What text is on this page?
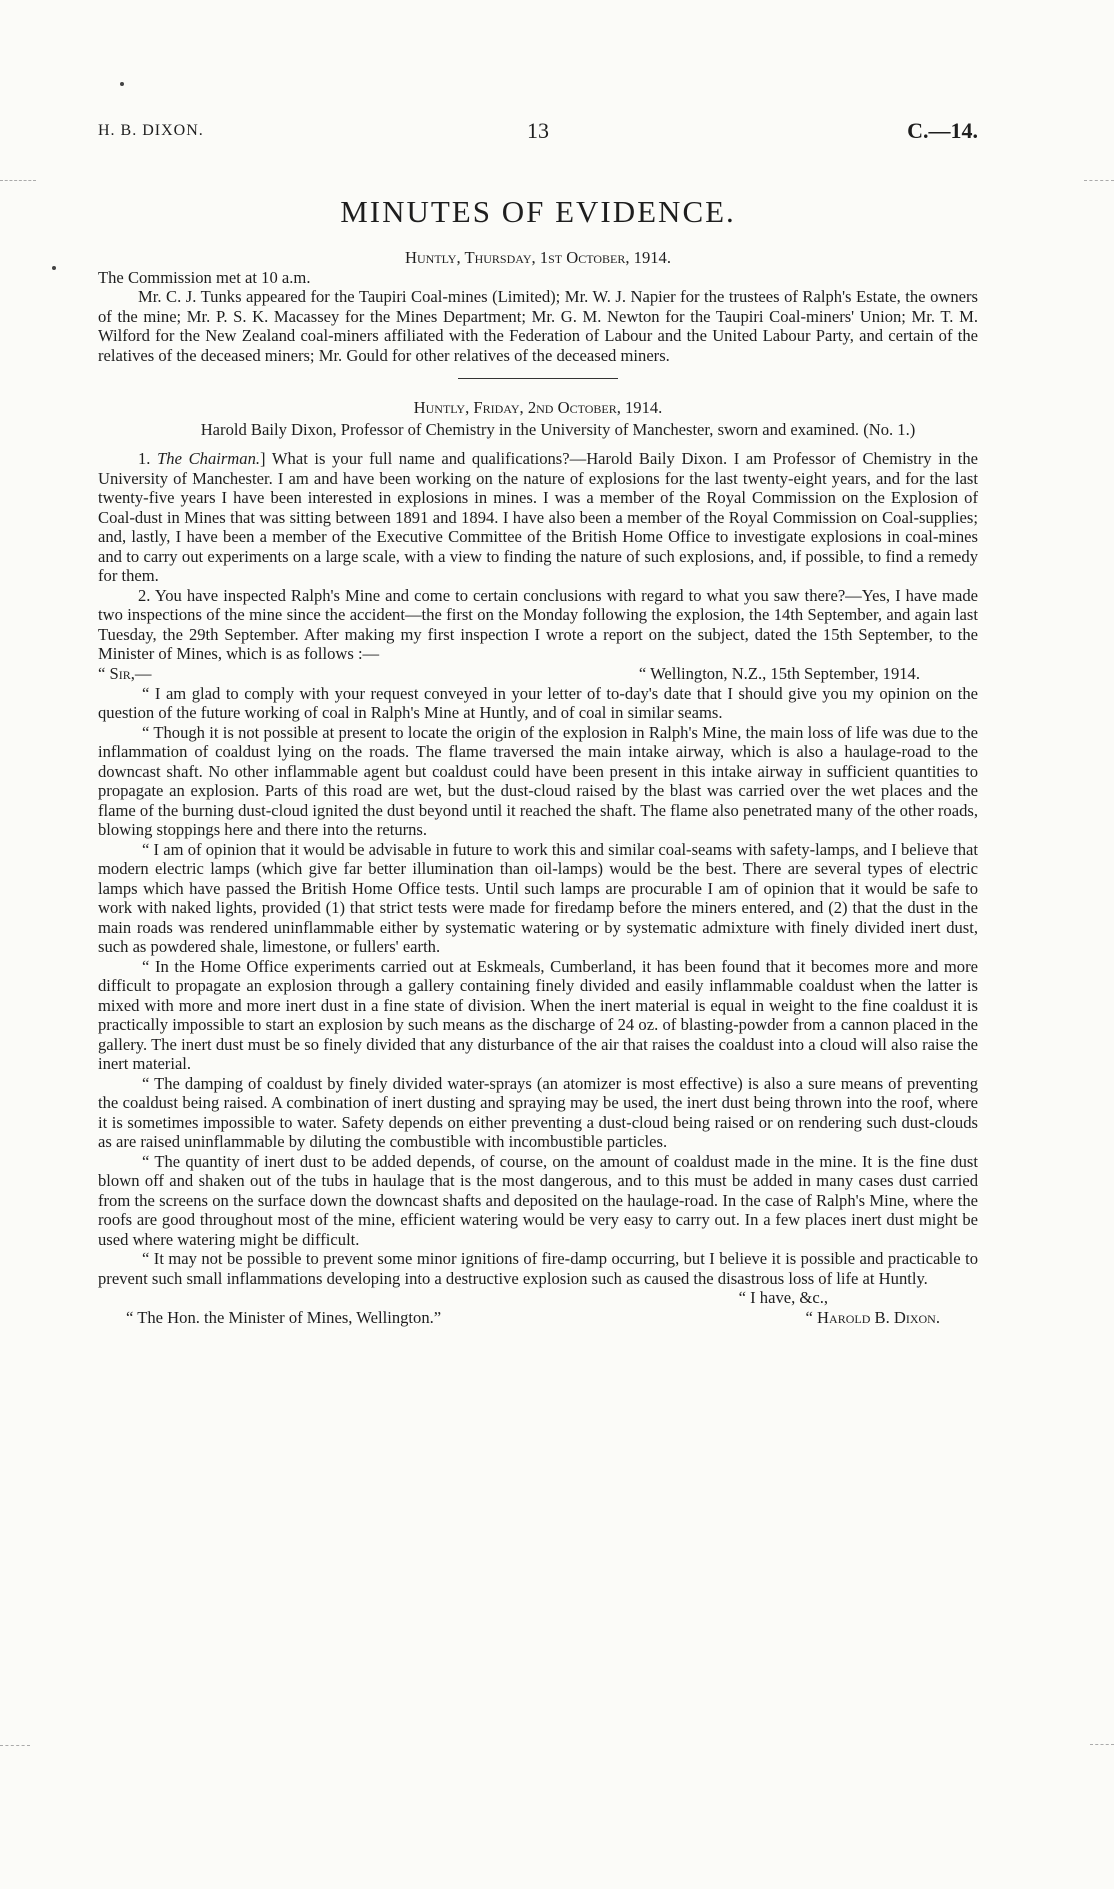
H. B. DIXON.	13	C.—14.
MINUTES OF EVIDENCE.

Huntly, Thursday, 1st October, 1914.

The Commission met at 10 a.m.

Mr. C. J. Tunks appeared for the Taupiri Coal-mines (Limited); Mr. W. J. Napier for the trustees of Ralph's Estate, the owners of the mine; Mr. P. S. K. Macassey for the Mines Department; Mr. G. M. Newton for the Taupiri Coal-miners' Union; Mr. T. M. Wilford for the New Zealand coal-miners affiliated with the Federation of Labour and the United Labour Party, and certain of the relatives of the deceased miners; Mr. Gould for other relatives of the deceased miners.

Huntly, Friday, 2nd October, 1914.

Harold Baily Dixon, Professor of Chemistry in the University of Manchester, sworn and examined. (No. 1.)

1. The Chairman.] What is your full name and qualifications?—Harold Baily Dixon. I am Professor of Chemistry in the University of Manchester. I am and have been working on the nature of explosions for the last twenty-eight years, and for the last twenty-five years I have been interested in explosions in mines. I was a member of the Royal Commission on the Explosion of Coal-dust in Mines that was sitting between 1891 and 1894. I have also been a member of the Royal Commission on Coal-supplies; and, lastly, I have been a member of the Executive Committee of the British Home Office to investigate explosions in coal-mines and to carry out experiments on a large scale, with a view to finding the nature of such explosions, and, if possible, to find a remedy for them.

2. You have inspected Ralph's Mine and come to certain conclusions with regard to what you saw there?—Yes, I have made two inspections of the mine since the accident—the first on the Monday following the explosion, the 14th September, and again last Tuesday, the 29th September. After making my first inspection I wrote a report on the subject, dated the 15th September, to the Minister of Mines, which is as follows :—

“ Sir,—	“ Wellington, N.Z., 15th September, 1914.

“ I am glad to comply with your request conveyed in your letter of to-day's date that I should give you my opinion on the question of the future working of coal in Ralph's Mine at Huntly, and of coal in similar seams.

“ Though it is not possible at present to locate the origin of the explosion in Ralph's Mine, the main loss of life was due to the inflammation of coaldust lying on the roads. The flame traversed the main intake airway, which is also a haulage-road to the downcast shaft. No other inflammable agent but coaldust could have been present in this intake airway in sufficient quantities to propagate an explosion. Parts of this road are wet, but the dust-cloud raised by the blast was carried over the wet places and the flame of the burning dust-cloud ignited the dust beyond until it reached the shaft. The flame also penetrated many of the other roads, blowing stoppings here and there into the returns.

“ I am of opinion that it would be advisable in future to work this and similar coal-seams with safety-lamps, and I believe that modern electric lamps (which give far better illumination than oil-lamps) would be the best. There are several types of electric lamps which have passed the British Home Office tests. Until such lamps are procurable I am of opinion that it would be safe to work with naked lights, provided (1) that strict tests were made for firedamp before the miners entered, and (2) that the dust in the main roads was rendered uninflammable either by systematic watering or by systematic admixture with finely divided inert dust, such as powdered shale, limestone, or fullers' earth.

“ In the Home Office experiments carried out at Eskmeals, Cumberland, it has been found that it becomes more and more difficult to propagate an explosion through a gallery containing finely divided and easily inflammable coaldust when the latter is mixed with more and more inert dust in a fine state of division. When the inert material is equal in weight to the fine coaldust it is practically impossible to start an explosion by such means as the discharge of 24 oz. of blasting-powder from a cannon placed in the gallery. The inert dust must be so finely divided that any disturbance of the air that raises the coaldust into a cloud will also raise the inert material.

“ The damping of coaldust by finely divided water-sprays (an atomizer is most effective) is also a sure means of preventing the coaldust being raised. A combination of inert dusting and spraying may be used, the inert dust being thrown into the roof, where it is sometimes impossible to water. Safety depends on either preventing a dust-cloud being raised or on rendering such dust-clouds as are raised uninflammable by diluting the combustible with incombustible particles.

“ The quantity of inert dust to be added depends, of course, on the amount of coaldust made in the mine. It is the fine dust blown off and shaken out of the tubs in haulage that is the most dangerous, and to this must be added in many cases dust carried from the screens on the surface down the downcast shafts and deposited on the haulage-road. In the case of Ralph's Mine, where the roofs are good throughout most of the mine, efficient watering would be very easy to carry out. In a few places inert dust might be used where watering might be difficult.

“ It may not be possible to prevent some minor ignitions of fire-damp occurring, but I believe it is possible and practicable to prevent such small inflammations developing into a destructive explosion such as caused the disastrous loss of life at Huntly.

“ I have, &c.,
“ The Hon. the Minister of Mines, Wellington.”	“ Harold B. Dixon.
